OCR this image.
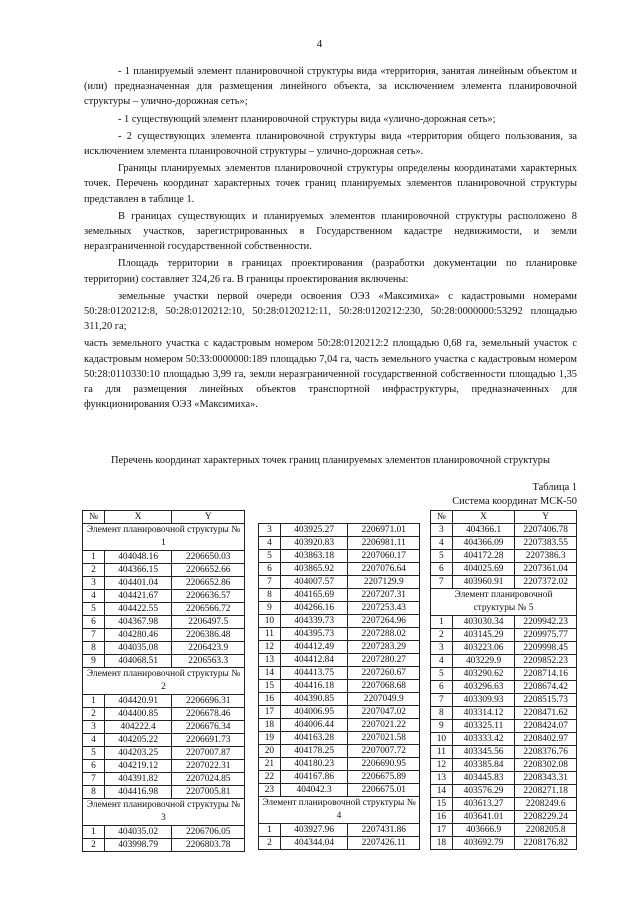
4

- 1 планируемый элемент планировочной структуры вида «территория, занятая линейным объектом и (или) предназначенная для размещения линейного объекта, за исключением элемента планировочной структуры – улично-дорожная сеть»;

- 1 существующий элемент планировочной структуры вида «улично-дорожная сеть»;

- 2 существующих элемента планировочной структуры вида «территория общего пользования, за исключением элемента планировочной структуры – улично-дорожная сеть».

Границы планируемых элементов планировочной структуры определены координатами характерных точек. Перечень координат характерных точек границ планируемых элементов планировочной структуры представлен в таблице 1.

В границах существующих и планируемых элементов планировочной структуры расположено 8 земельных участков, зарегистрированных в Государственном кадастре недвижимости, и земли неразграниченной государственной собственности.

Площадь территории в границах проектирования (разработки документации по планировке территории) составляет 324,26 га. В границы проектирования включены:

земельные участки первой очереди освоения ОЭЗ «Максимиха» с кадастровыми номерами 50:28:0120212:8, 50:28:0120212:10, 50:28:0120212:11, 50:28:0120212:230, 50:28:0000000:53292 площадью 311,20 га;

часть земельного участка с кадастровым номером 50:28:0120212:2 площадью 0,68 га, земельный участок с кадастровым номером 50:33:0000000:189 площадью 7,04 га, часть земельного участка с кадастровым номером 50:28:0110330:10 площадью 3,99 га, земли неразграниченной государственной собственности площадью 1,35 га для размещения линейных объектов транспортной инфраструктуры, предназначенных для функционирования ОЭЗ «Максимиха».

Перечень координат характерных точек границ планируемых элементов планировочной структуры
Таблица 1
Система координат МСК-50
№	X	Y
Элемент планировочной структуры № 1		
1	404048.16	2206650.03
2	404366.15	2206652.66
3	404401.04	2206652.86
4	404421.67	2206636.57
5	404422.55	2206566.72
6	404367.98	2206497.5
7	404280.46	2206386.48
8	404035.08	2206423.9
9	404068.51	2206563.3
Элемент планировочной структуры № 2		
1	404420.91	2206696.31
2	404400.85	2206678.46
3	404222.4	2206676.34
4	404205.22	2206691.73
5	404203.25	2207007.87
6	404219.12	2207022.31
7	404391.82	2207024.85
8	404416.98	2207005.81
Элемент планировочной структуры № 3		
1	404035.02	2206706.05
2	403998.79	2206803.78
3	403925.27	2206971.01
4	403920.83	2206981.11
5	403863.18	2207060.17
6	403865.92	2207076.64
7	404007.57	2207129.9
8	404165.69	2207207.31
9	404266.16	2207253.43
10	404339.73	2207264.96
11	404395.73	2207288.02
12	404412.49	2207283.29
13	404412.84	2207280.27
14	404413.75	2207260.67
15	404416.18	2207068.68
16	404390.85	2207049.9
17	404006.95	2207047.02
18	404006.44	2207021.22
19	404163.28	2207021.58
20	404178.25	2207007.72
21	404180.23	2206690.95
22	404167.86	2206675.89
23	404042.3	2206675.01
Элемент планировочной структуры № 4		
1	403927.96	2207431.86
2	404344.04	2207426.11
№	X	Y
3	404366.1	2207406.78
4	404366.09	2207383.55
5	404172.28	2207386.3
6	404025.69	2207361.04
7	403960.91	2207372.02
Элемент планировочной структуры № 5		
1	403030.34	2209942.23
2	403145.29	2209975.77
3	403223.06	2209998.45
4	403229.9	2209852.23
5	403290.62	2208714.16
6	403296.63	2208674.42
7	403309.93	2208515.73
8	403314.12	2208471.62
9	403325.11	2208424.07
10	403333.42	2208402.97
11	403345.56	2208376.76
12	403385.84	2208302.08
13	403445.83	2208343.31
14	403576.29	2208271.18
15	403613.27	2208249.6
16	403641.01	2208229.24
17	403666.9	2208205.8
18	403692.79	2208176.82
